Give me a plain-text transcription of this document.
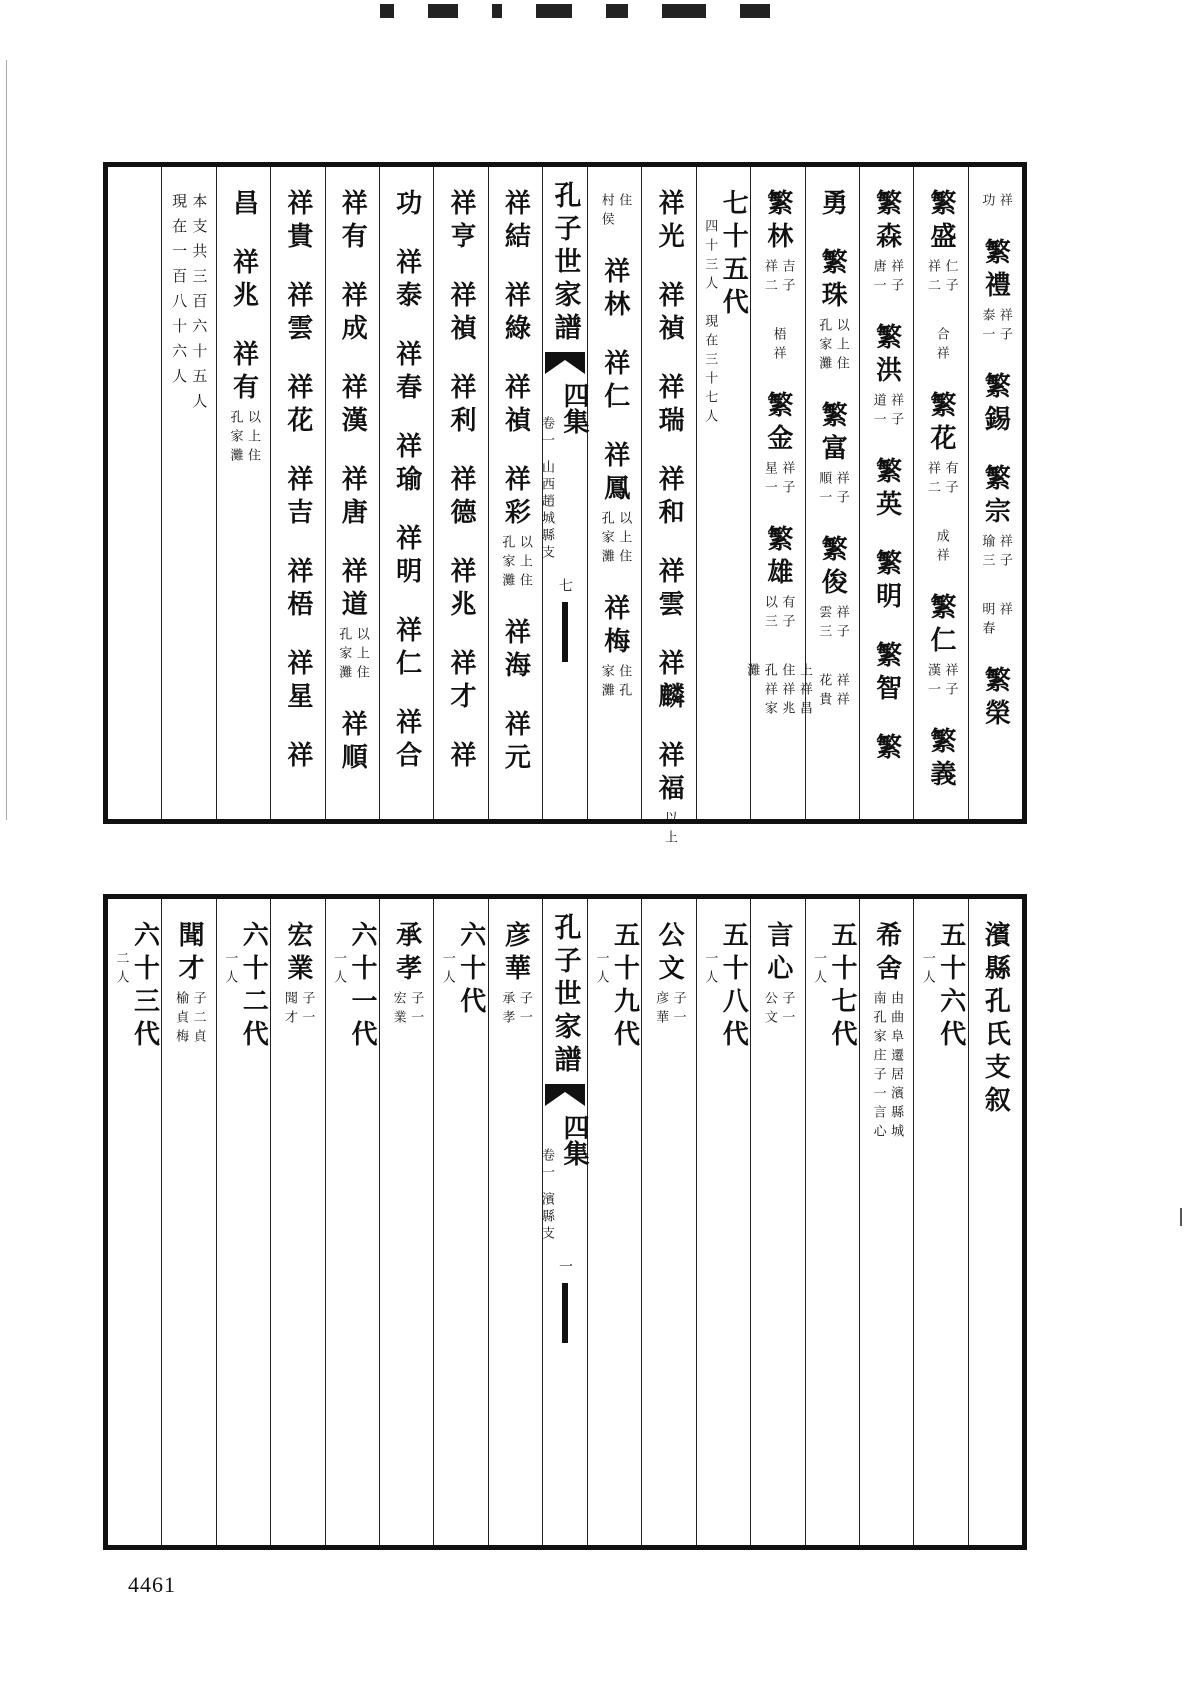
祥
功
繁禮
祥子
泰一
繁錫
繁宗
祥子
瑜三
祥
明春
繁榮
繁盛
仁子
祥二
合祥
繁花
有子
祥二
成祥
繁仁
祥子
漢一
繁義
繁森
祥子
唐一
繁洪
祥子
道一
繁英
繁明
繁智
繁
勇
繁珠
以上住
孔家灘
繁富
祥子
順一
繁俊
祥子
雲三
祥祥
花貴
繁林
吉子
祥二
梧祥
繁金
祥子
星一
繁雄
有子
以三
上祥昌
住祥兆
孔祥家
灘
七十五代
四十三人　現在三十七人
祥光
祥禎
祥瑞
祥和
祥雲
祥麟
祥福
以上
住
村侯
祥林
祥仁
祥鳳
以上住
孔家灘
祥梅
住孔
家灘
孔子世家譜
四集
卷一山西趙城縣支
七
祥結
祥綠
祥禎
祥彩
以上住
孔家灘
祥海
祥元
祥亨
祥禎
祥利
祥德
祥兆
祥才
祥
功
祥泰
祥春
祥瑜
祥明
祥仁
祥合
祥有
祥成
祥漢
祥唐
祥道
以上住
孔家灘
祥順
祥貴
祥雲
祥花
祥吉
祥梧
祥星
祥
昌
祥兆
祥有
以上住
孔家灘
本支共三百六十五人
現在一百八十六人
濱縣孔氏支叙
五十六代
一人
希舍
由曲阜遷居濱縣城
南孔家庄子一言心
五十七代
一人
言心
子一
公文
五十八代
一人
公文
子一
彦華
五十九代
一人
孔子世家譜
四集
卷一濱縣支
一
彦華
子一
承孝
六十代
一人
承孝
子一
宏業
六十一代
一人
宏業
子一
聞才
六十二代
一人
聞才
子二貞
榆貞梅
六十三代
二人
4461
